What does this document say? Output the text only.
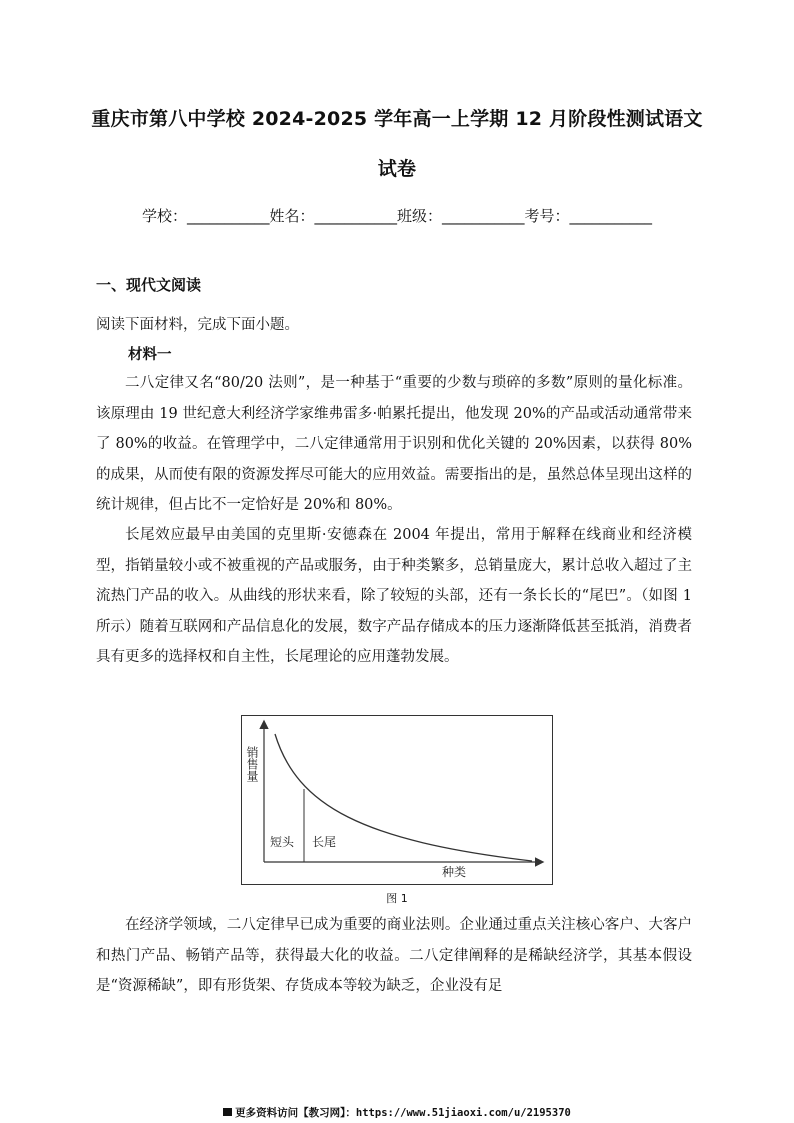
重庆市第八中学校 2024-2025 学年高一上学期 12 月阶段性测试语文
试卷
学校：___________姓名：___________班级：___________考号：___________
一、现代文阅读
阅读下面材料，完成下面小题。
材料一
二八定律又名“80/20 法则”，是一种基于“重要的少数与琐碎的多数”原则的量化标准。该原理由 19 世纪意大利经济学家维弗雷多·帕累托提出，他发现 20%的产品或活动通常带来了 80%的收益。在管理学中，二八定律通常用于识别和优化关键的 20%因素，以获得 80%的成果，从而使有限的资源发挥尽可能大的应用效益。需要指出的是，虽然总体呈现出这样的统计规律，但占比不一定恰好是 20%和 80%。
长尾效应最早由美国的克里斯·安德森在 2004 年提出，常用于解释在线商业和经济模型，指销量较小或不被重视的产品或服务，由于种类繁多，总销量庞大，累计总收入超过了主流热门产品的收入。从曲线的形状来看，除了较短的头部，还有一条长长的“尾巴”。（如图 1 所示）随着互联网和产品信息化的发展，数字产品存储成本的压力逐渐降低甚至抵消，消费者具有更多的选择权和自主性，长尾理论的应用蓬勃发展。
销售量
短头 长尾
种类
图 1
在经济学领域，二八定律早已成为重要的商业法则。企业通过重点关注核心客户、大客户和热门产品、畅销产品等，获得最大化的收益。二八定律阐释的是稀缺经济学，其基本假设是“资源稀缺”，即有形货架、存货成本等较为缺乏，企业没有足
更多资料访问【教习网】：https://www.51jiaoxi.com/u/2195370
